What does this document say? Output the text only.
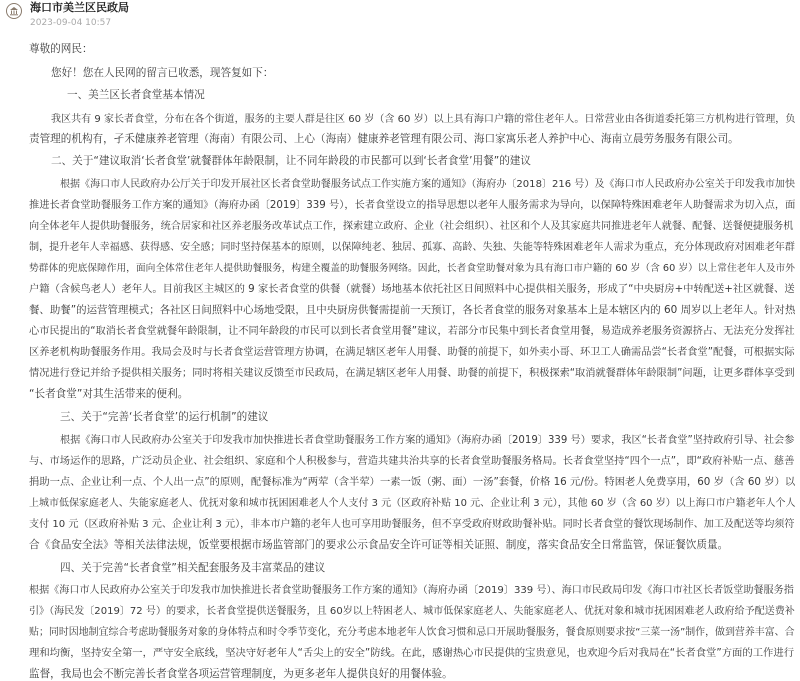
海口市美兰区民政局
2023-09-04 10:57
尊敬的网民：
您好！您在人民网的留言已收悉，现答复如下：
一、美兰区长者食堂基本情况
我区共有 9 家长者食堂，分布在各个街道，服务的主要人群是往区 60 岁（含 60 岁）以上具有海口户籍的常住老年人。日常营业由各街道委托第三方机构进行管理，负
责管理的机构有，孑禾健康养老管理（海南）有限公司、上心（海南）健康养老管理有限公司、海口家寓乐老人养护中心、海南立晨劳务服务有限公司。
二、关于“建议取消‘长者食堂’就餐群体年龄限制，让不同年龄段的市民都可以到‘长者食堂’用餐”的建议
根据《海口市人民政府办公厅关于印发开展社区长者食堂助餐服务试点工作实施方案的通知》（海府办〔2018〕216 号）及《海口市人民政府办公室关于印发我市加快
推进长者食堂助餐服务工作方案的通知》（海府办函〔2019〕339 号），长者食堂设立的指导思想以老年人服务需求为导向，以保障特殊困难老年人助餐需求为切入点，面
向全体老年人提供助餐服务，统合居家和社区养老服务改革试点工作，探索建立政府、企业（社会组织）、社区和个人及其家庭共同推进老年人就餐、配餐、送餐便捷服务机
制，提升老年人幸福感、获得感、安全感；同时坚持保基本的原则，以保障纯老、独居、孤寡、高龄、失独、失能等特殊困难老年人需求为重点，充分体现政府对困难老年群
势群体的兜底保障作用，面向全体常住老年人提供助餐服务，构建全覆盖的助餐服务网络。因此，长者食堂助餐对象为具有海口市户籍的 60 岁（含 60 岁）以上常住老年人及市外
户籍（含候鸟老人）老年人。目前我区主城区的 9 家长者食堂的供餐（就餐）场地基本依托社区日间照料中心提供相关服务，形成了“中央厨房+中转配送+社区就餐、送
餐、助餐”的运营管理模式；各社区日间照料中心场地受限，且中央厨房供餐需提前一天预订，各长者食堂的服务对象基本上是本辖区内的 60 周岁以上老年人。针对热
心市民提出的“取消长者食堂就餐年龄限制，让不同年龄段的市民可以到长者食堂用餐”建议，若部分市民集中到长者食堂用餐，易造成养老服务资源挤占、无法充分发挥社
区养老机构助餐服务作用。我局会及时与长者食堂运营管理方协调，在满足辖区老年人用餐、助餐的前提下，如外卖小哥、环卫工人确需品尝“长者食堂”配餐，可根据实际
情况进行登记并给予提供相关服务；同时将相关建议反馈至市民政局，在满足辖区老年人用餐、助餐的前提下，积极探索“取消就餐群体年龄限制”问题，让更多群体享受到
“长者食堂”对其生活带来的便利。
三、关于“完善‘长者食堂’的运行机制”的建议
根据《海口市人民政府办公室关于印发我市加快推进长者食堂助餐服务工作方案的通知》（海府办函〔2019〕339 号）要求，我区“长者食堂”坚持政府引导、社会参
与、市场运作的思路，广泛动员企业、社会组织、家庭和个人积极参与，营造共建共治共享的长者食堂助餐服务格局。长者食堂坚持“四个一点”，即“政府补贴一点、慈善
捐助一点、企业让利一点、个人出一点”的原则，配餐标准为“两荤（含半荤）一素一饭（粥、面）一汤”套餐，价格 16 元/份。特困老人免费享用，60 岁（含 60 岁）以
上城市低保家庭老人、失能家庭老人、优抚对象和城市抚困困难老人个人支付 3 元（区政府补贴 10 元、企业让利 3 元），其他 60 岁（含 60 岁）以上海口市户籍老年人个人
支付 10 元（区政府补贴 3 元、企业让利 3 元），非本市户籍的老年人也可享用助餐服务，但不享受政府财政助餐补贴。同时长者食堂的餐饮现场制作、加工及配送等均须符
合《食品安全法》等相关法律法规，饭堂要根据市场监管部门的要求公示食品安全许可证等相关证照、制度，落实食品安全日常监管，保证餐饮质量。
四、关于完善“长者食堂”相关配套服务及丰富菜品的建议
根据《海口市人民政府办公室关于印发我市加快推进长者食堂助餐服务工作方案的通知》（海府办函〔2019〕339 号）、海口市民政局印发《海口市社区长者饭堂助餐服务指
引》（海民发〔2019〕72 号）的要求，长者食堂提供送餐服务，且 60岁以上特困老人、城市低保家庭老人、失能家庭老人、优抚对象和城市抚困困难老人政府给予配送费补
贴；同时因地制宜综合考虑助餐服务对象的身体特点和时令季节变化，充分考虑本地老年人饮食习惯和忌口开展助餐服务，餐食原则要求按“三菜一汤”制作，做到营养丰富、合
理和均衡，坚持安全第一，严守安全底线，坚决守好老年人“舌尖上的安全”防线。在此，感谢热心市民提供的宝贵意见，也欢迎今后对我局在“长者食堂”方面的工作进行
监督，我局也会不断完善长者食堂各项运营管理制度，为更多老年人提供良好的用餐体验。
